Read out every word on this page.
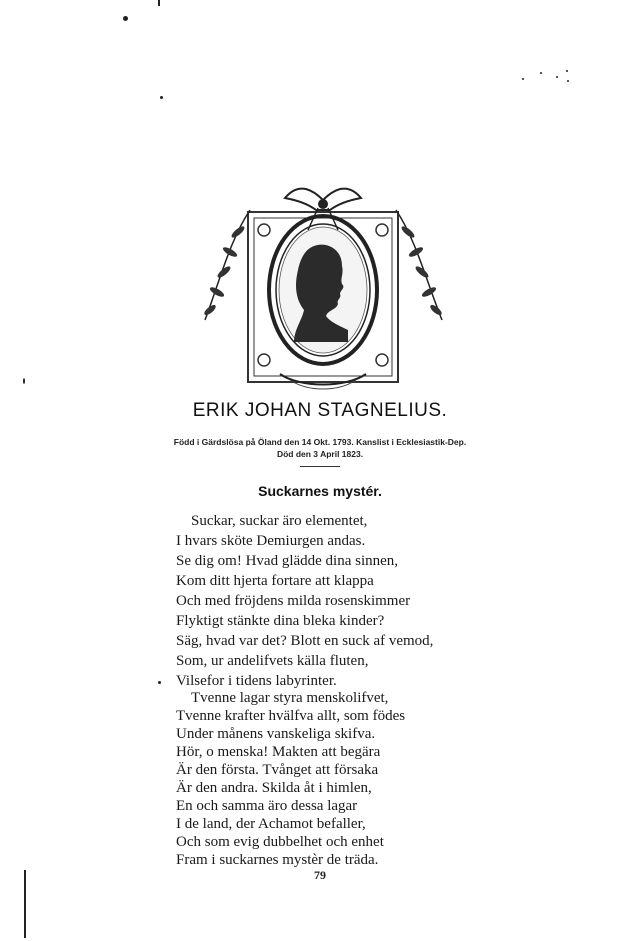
ERIK JOHAN STAGNELIUS.
Född i Gärdslösa på Öland den 14 Okt. 1793. Kanslist i Ecklesiastik-Dep.
Död den 3 April 1823.
Suckarnes mystér.
Suckar, suckar äro elementet,
I hvars sköte Demiurgen andas.
Se dig om! Hvad glädde dina sinnen,
Kom ditt hjerta fortare att klappa
Och med fröjdens milda rosenskimmer
Flyktigt stänkte dina bleka kinder?
Säg, hvad var det? Blott en suck af vemod,
Som, ur andelifvets källa fluten,
Vilsefor i tidens labyrinter.
Tvenne lagar styra menskolifvet,
Tvenne krafter hvälfva allt, som födes
Under månens vanskeliga skifva.
Hör, o menska! Makten att begära
Är den första. Tvånget att försaka
Är den andra. Skilda åt i himlen,
En och samma äro dessa lagar
I de land, der Achamot befaller,
Och som evig dubbelhet och enhet
Fram i suckarnes mystèr de träda.
79
